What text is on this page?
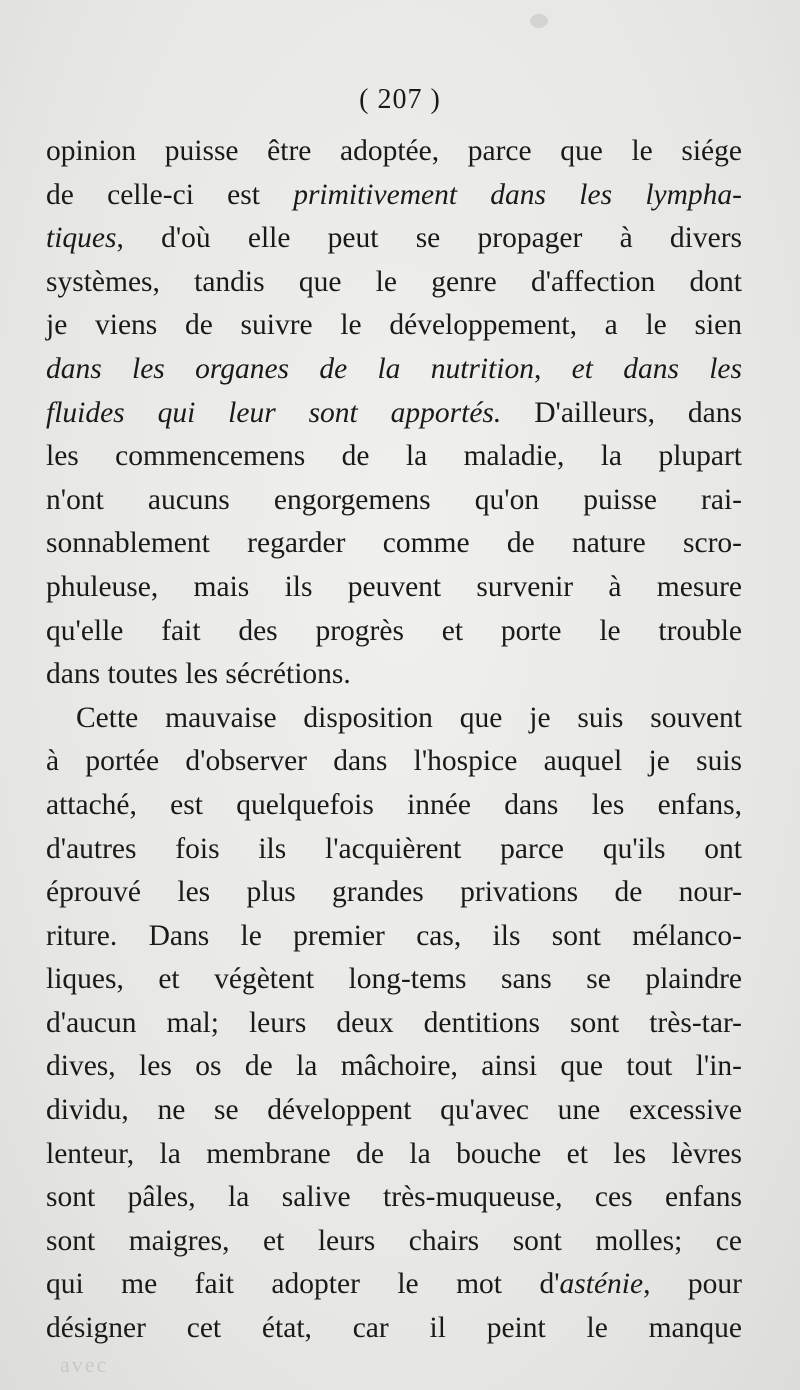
( 207 )
opinion puisse être adoptée, parce que le siége
de celle-ci est primitivement dans les lympha-
tiques, d'où elle peut se propager à divers
systèmes, tandis que le genre d'affection dont
je viens de suivre le développement, a le sien
dans les organes de la nutrition, et dans les
fluides qui leur sont apportés. D'ailleurs, dans
les commencemens de la maladie, la plupart
n'ont aucuns engorgemens qu'on puisse rai-
sonnablement regarder comme de nature scro-
phuleuse, mais ils peuvent survenir à mesure
qu'elle fait des progrès et porte le trouble
dans toutes les sécrétions.
Cette mauvaise disposition que je suis souvent
à portée d'observer dans l'hospice auquel je suis
attaché, est quelquefois innée dans les enfans,
d'autres fois ils l'acquièrent parce qu'ils ont
éprouvé les plus grandes privations de nour-
riture. Dans le premier cas, ils sont mélanco-
liques, et végètent long-tems sans se plaindre
d'aucun mal; leurs deux dentitions sont très-tar-
dives, les os de la mâchoire, ainsi que tout l'in-
dividu, ne se développent qu'avec une excessive
lenteur, la membrane de la bouche et les lèvres
sont pâles, la salive très-muqueuse, ces enfans
sont maigres, et leurs chairs sont molles; ce
qui me fait adopter le mot d'asténie, pour
désigner cet état, car il peint le manque
avec
